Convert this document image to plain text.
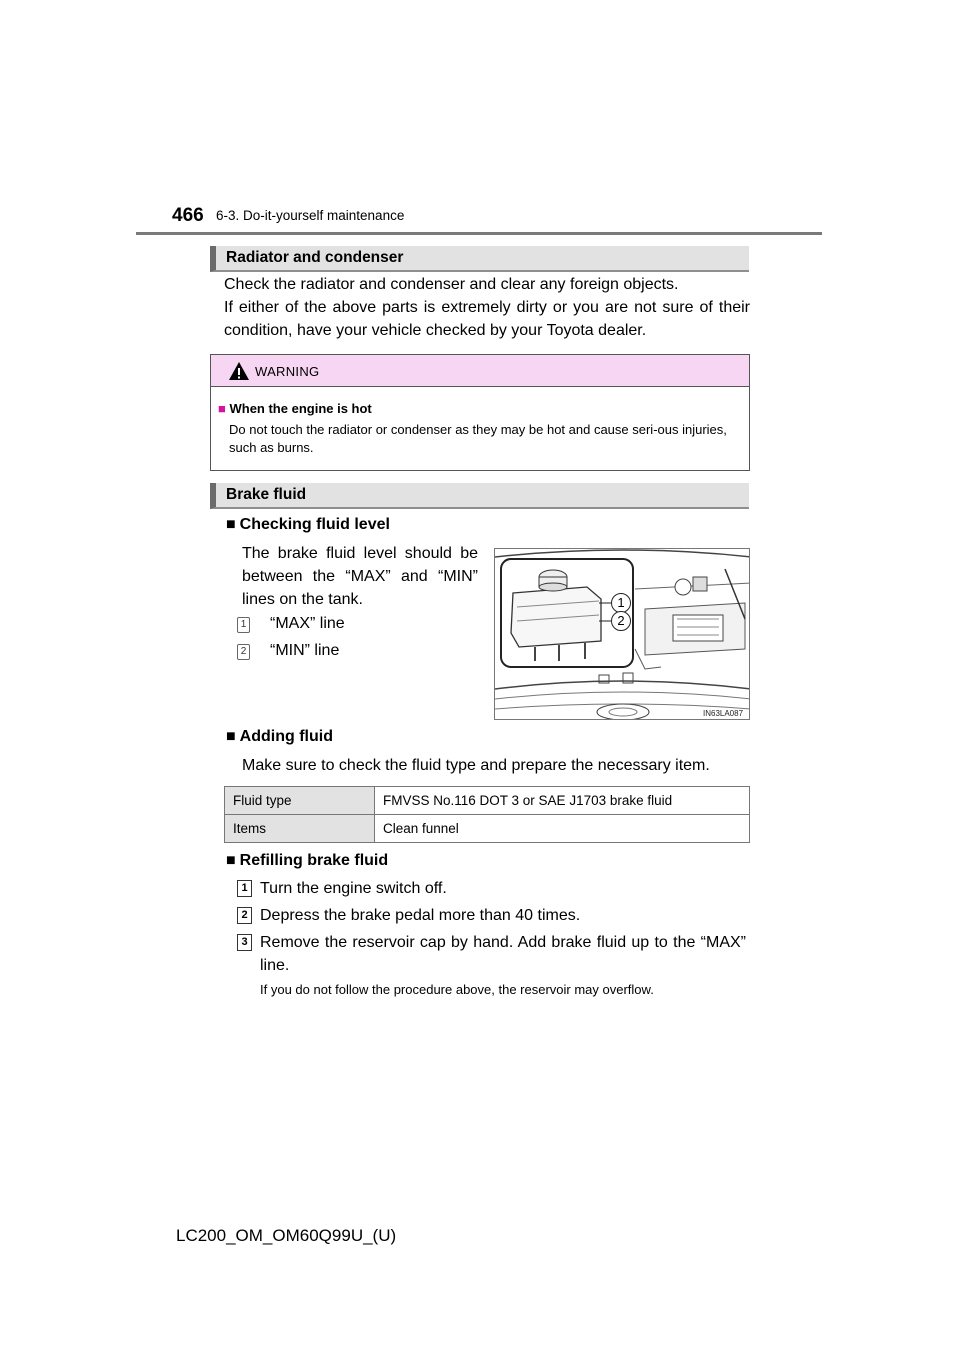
466 6-3. Do-it-yourself maintenance
Radiator and condenser
Check the radiator and condenser and clear any foreign objects.
If either of the above parts is extremely dirty or you are not sure of their condition, have your vehicle checked by your Toyota dealer.
WARNING
■ When the engine is hot
Do not touch the radiator or condenser as they may be hot and cause seri-ous injuries, such as burns.
Brake fluid
■ Checking fluid level
The brake fluid level should be between the “MAX” and “MIN” lines on the tank.
1 “MAX” line
2 “MIN” line
1
2
IN63LA087
■ Adding fluid
Make sure to check the fluid type and prepare the necessary item.
Fluid type	FMVSS No.116 DOT 3 or SAE J1703 brake fluid
Items	Clean funnel
■ Refilling brake fluid
1 Turn the engine switch off.
2 Depress the brake pedal more than 40 times.
3 Remove the reservoir cap by hand. Add brake fluid up to the “MAX” line.
If you do not follow the procedure above, the reservoir may overflow.
LC200_OM_OM60Q99U_(U)
